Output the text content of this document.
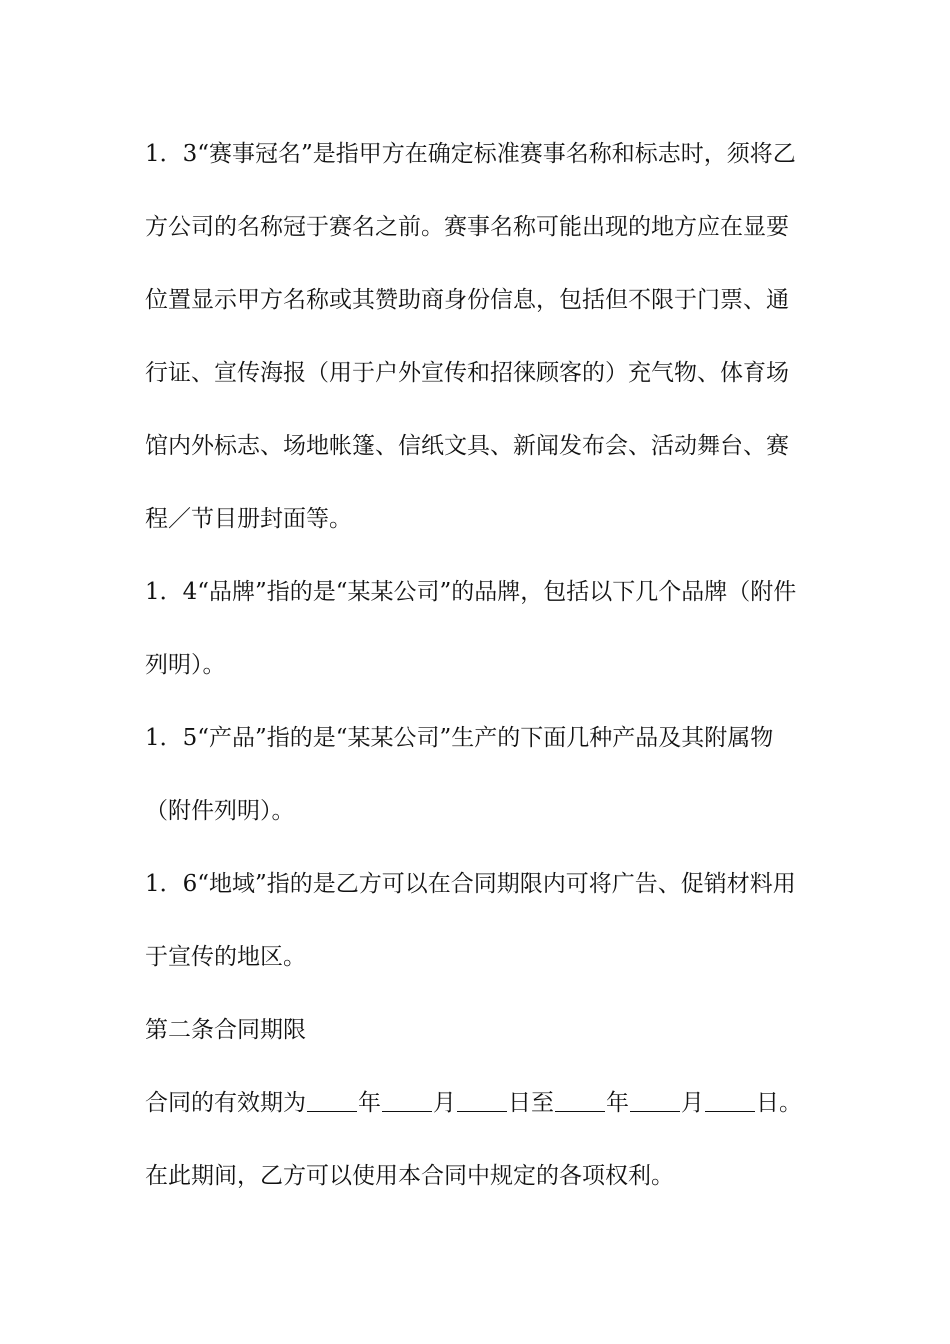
1．3“赛事冠名”是指甲方在确定标准赛事名称和标志时，须将乙方公司的名称冠于赛名之前。赛事名称可能出现的地方应在显要位置显示甲方名称或其赞助商身份信息，包括但不限于门票、通行证、宣传海报（用于户外宣传和招徕顾客的）充气物、体育场馆内外标志、场地帐篷、信纸文具、新闻发布会、活动舞台、赛程／节目册封面等。

1．4“品牌”指的是“某某公司”的品牌，包括以下几个品牌（附件列明）。

1．5“产品”指的是“某某公司”生产的下面几种产品及其附属物（附件列明）。

1．6“地域”指的是乙方可以在合同期限内可将广告、促销材料用于宣传的地区。

第二条合同期限

合同的有效期为 年 月 日至 年 月 日。

在此期间，乙方可以使用本合同中规定的各项权利。
